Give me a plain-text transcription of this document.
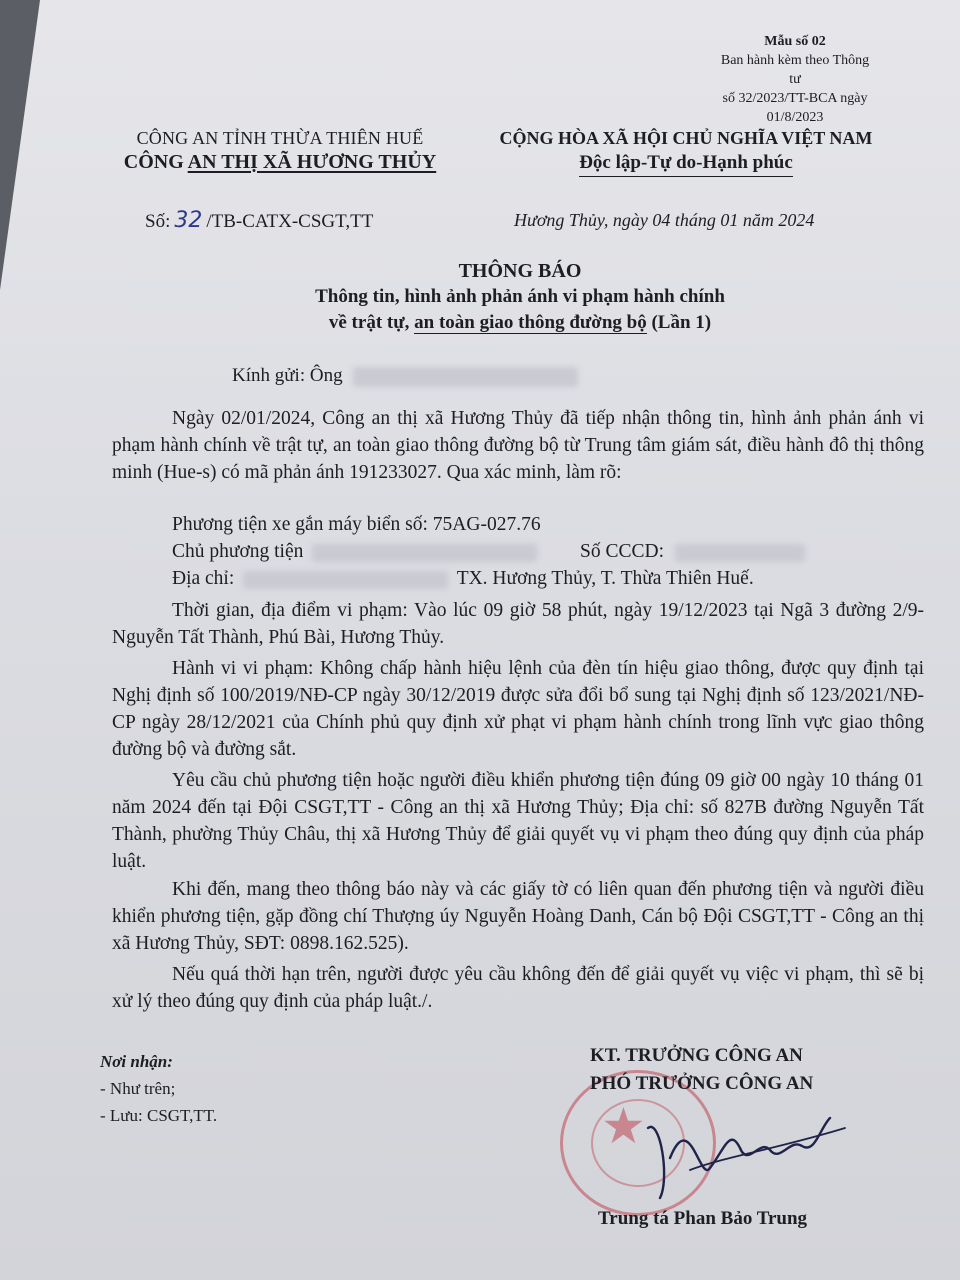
Mẫu số 02
Ban hành kèm theo Thông tư
số 32/2023/TT-BCA ngày 01/8/2023
CÔNG AN TỈNH THỪA THIÊN HUẾ
CÔNG AN THỊ XÃ HƯƠNG THỦY
CỘNG HÒA XÃ HỘI CHỦ NGHĨA VIỆT NAM
Độc lập-Tự do-Hạnh phúc
Số: 32 /TB-CATX-CSGT,TT	Hương Thủy, ngày 04 tháng 01 năm 2024
THÔNG BÁO
Thông tin, hình ảnh phản ánh vi phạm hành chính
về trật tự, an toàn giao thông đường bộ (Lần 1)
Kính gửi: Ông
Ngày 02/01/2024, Công an thị xã Hương Thủy đã tiếp nhận thông tin, hình ảnh phản ánh vi phạm hành chính về trật tự, an toàn giao thông đường bộ từ Trung tâm giám sát, điều hành đô thị thông minh (Hue-s) có mã phản ánh 191233027. Qua xác minh, làm rõ:
Phương tiện xe gắn máy biển số: 75AG-027.76
Chủ phương tiện	Số CCCD:
Địa chỉ:	TX. Hương Thủy, T. Thừa Thiên Huế.
Thời gian, địa điểm vi phạm: Vào lúc 09 giờ 58 phút, ngày 19/12/2023 tại Ngã 3 đường 2/9- Nguyễn Tất Thành, Phú Bài, Hương Thủy.
Hành vi vi phạm: Không chấp hành hiệu lệnh của đèn tín hiệu giao thông, được quy định tại Nghị định số 100/2019/NĐ-CP ngày 30/12/2019 được sửa đổi bổ sung tại Nghị định số 123/2021/NĐ-CP ngày 28/12/2021 của Chính phủ quy định xử phạt vi phạm hành chính trong lĩnh vực giao thông đường bộ và đường sắt.
Yêu cầu chủ phương tiện hoặc người điều khiển phương tiện đúng 09 giờ 00 ngày 10 tháng 01 năm 2024 đến tại Đội CSGT,TT - Công an thị xã Hương Thủy; Địa chỉ: số 827B đường Nguyễn Tất Thành, phường Thủy Châu, thị xã Hương Thủy để giải quyết vụ vi phạm theo đúng quy định của pháp luật.
Khi đến, mang theo thông báo này và các giấy tờ có liên quan đến phương tiện và người điều khiển phương tiện, gặp đồng chí Thượng úy Nguyễn Hoàng Danh, Cán bộ Đội CSGT,TT - Công an thị xã Hương Thủy, SĐT: 0898.162.525).
Nếu quá thời hạn trên, người được yêu cầu không đến để giải quyết vụ việc vi phạm, thì sẽ bị xử lý theo đúng quy định của pháp luật./.
Nơi nhận:
- Như trên;
- Lưu: CSGT,TT.	★
KT. TRƯỞNG CÔNG AN
PHÓ TRƯỞNG CÔNG AN
Trung tá Phan Bảo Trung
